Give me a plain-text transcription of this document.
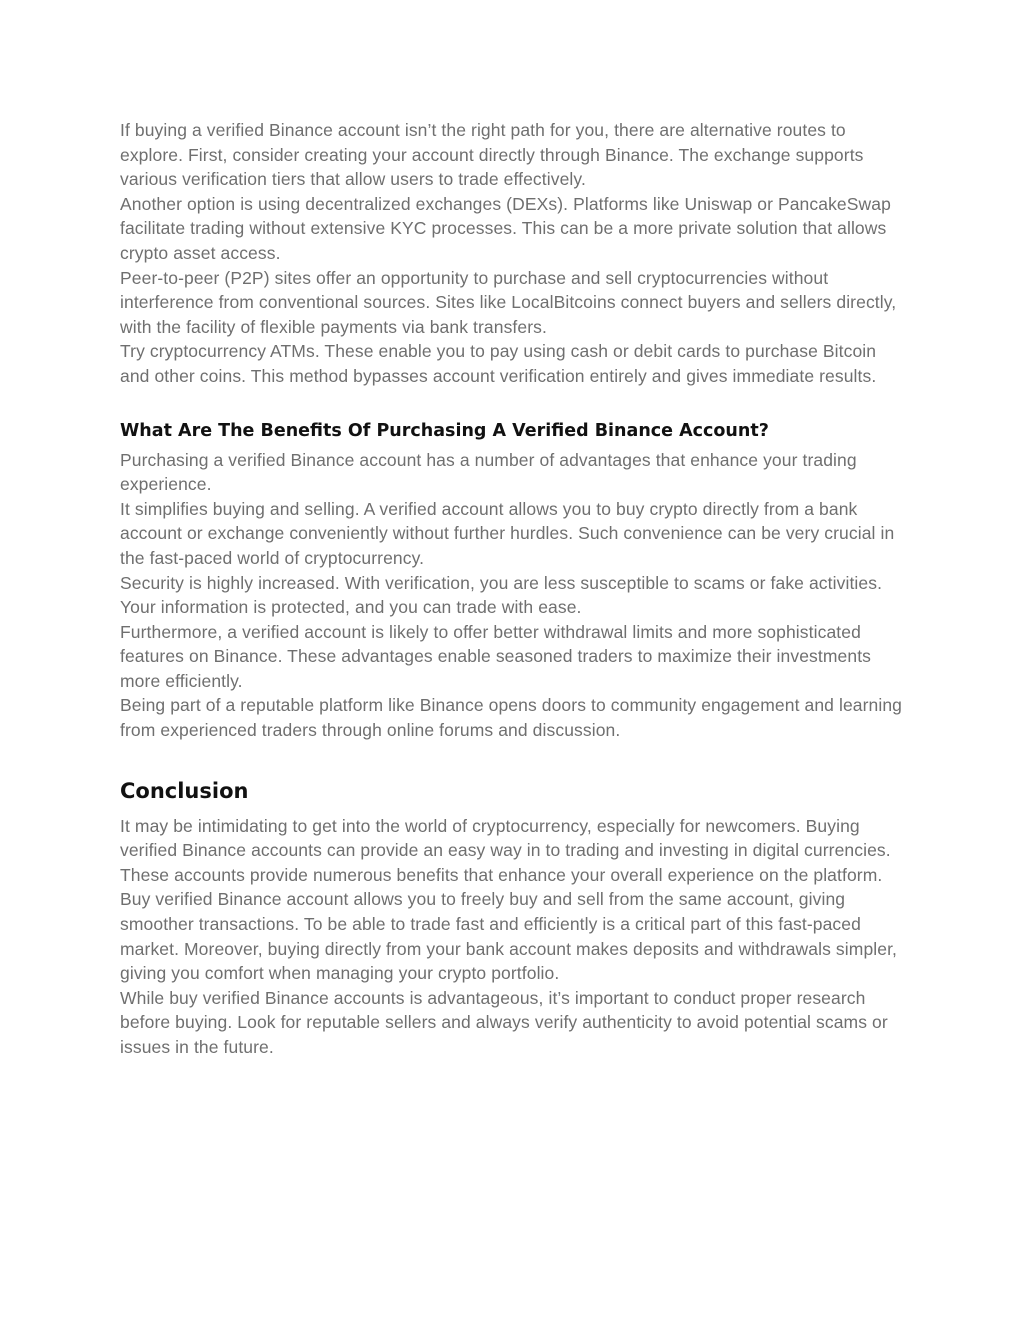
If buying a verified Binance account isn’t the right path for you, there are alternative routes to explore. First, consider creating your account directly through Binance. The exchange supports various verification tiers that allow users to trade effectively.

Another option is using decentralized exchanges (DEXs). Platforms like Uniswap or PancakeSwap facilitate trading without extensive KYC processes. This can be a more private solution that allows crypto asset access.

Peer-to-peer (P2P) sites offer an opportunity to purchase and sell cryptocurrencies without interference from conventional sources. Sites like LocalBitcoins connect buyers and sellers directly, with the facility of flexible payments via bank transfers.

Try cryptocurrency ATMs. These enable you to pay using cash or debit cards to purchase Bitcoin and other coins. This method bypasses account verification entirely and gives immediate results.

What Are The Benefits Of Purchasing A Verified Binance Account?

Purchasing a verified Binance account has a number of advantages that enhance your trading experience.

It simplifies buying and selling. A verified account allows you to buy crypto directly from a bank account or exchange conveniently without further hurdles. Such convenience can be very crucial in the fast-paced world of cryptocurrency.

Security is highly increased. With verification, you are less susceptible to scams or fake activities. Your information is protected, and you can trade with ease.

Furthermore, a verified account is likely to offer better withdrawal limits and more sophisticated features on Binance. These advantages enable seasoned traders to maximize their investments more efficiently.

Being part of a reputable platform like Binance opens doors to community engagement and learning from experienced traders through online forums and discussion.

Conclusion

It may be intimidating to get into the world of cryptocurrency, especially for newcomers. Buying verified Binance accounts can provide an easy way in to trading and investing in digital currencies. These accounts provide numerous benefits that enhance your overall experience on the platform.

Buy verified Binance account allows you to freely buy and sell from the same account, giving smoother transactions. To be able to trade fast and efficiently is a critical part of this fast-paced market. Moreover, buying directly from your bank account makes deposits and withdrawals simpler, giving you comfort when managing your crypto portfolio.

While buy verified Binance accounts is advantageous, it’s important to conduct proper research before buying. Look for reputable sellers and always verify authenticity to avoid potential scams or issues in the future.
